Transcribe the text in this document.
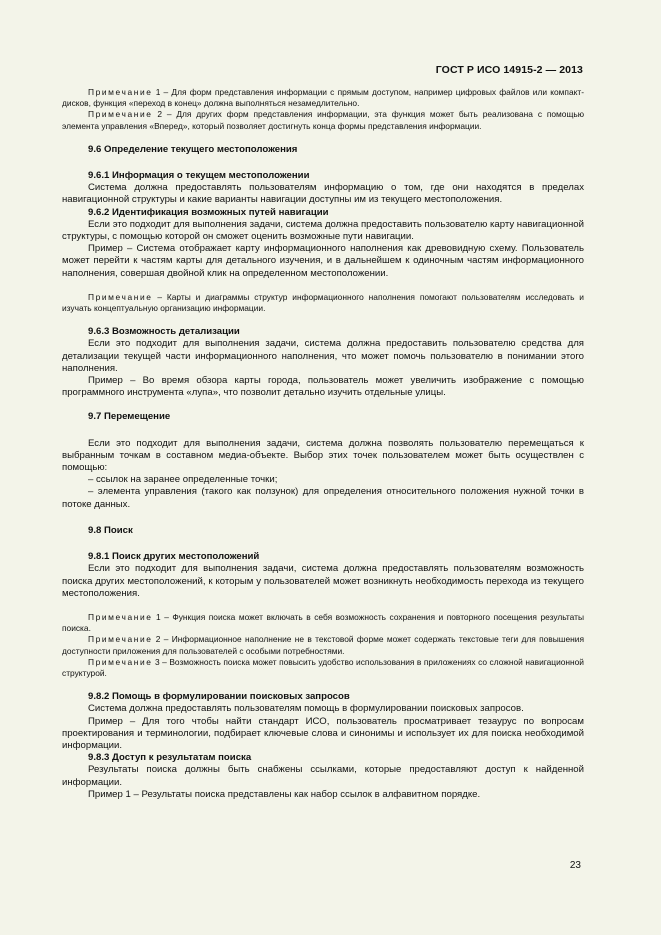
ГОСТ Р ИСО 14915-2 — 2013

Примечание 1 – Для форм представления информации с прямым доступом, например цифровых файлов или компакт-дисков, функция «переход в конец» должна выполняться незамедлительно.

Примечание 2 – Для других форм представления информации, эта функция может быть реализована с помощью элемента управления «Вперед», который позволяет достигнуть конца формы представления информации.

9.6 Определение текущего местоположения

9.6.1 Информация о текущем местоположении

Система должна предоставлять пользователям информацию о том, где они находятся в пределах навигационной структуры и какие варианты навигации доступны им из текущего местоположения.

9.6.2 Идентификация возможных путей навигации

Если это подходит для выполнения задачи, система должна предоставить пользователю карту навигационной структуры, с помощью которой он сможет оценить возможные пути навигации.

Пример – Система отображает карту информационного наполнения как древовидную схему. Пользователь может перейти к частям карты для детального изучения, и в дальнейшем к одиночным частям информационного наполнения, совершая двойной клик на определенном местоположении.

Примечание – Карты и диаграммы структур информационного наполнения помогают пользователям исследовать и изучать концептуальную организацию информации.

9.6.3 Возможность детализации

Если это подходит для выполнения задачи, система должна предоставить пользователю средства для детализации текущей части информационного наполнения, что может помочь пользователю в понимании этого наполнения.

Пример – Во время обзора карты города, пользователь может увеличить изображение с помощью программного инструмента «лупа», что позволит детально изучить отдельные улицы.

9.7 Перемещение

Если это подходит для выполнения задачи, система должна позволять пользователю перемещаться к выбранным точкам в составном медиа-объекте. Выбор этих точек пользователем может быть осуществлен с помощью:

– ссылок на заранее определенные точки;

– элемента управления (такого как ползунок) для определения относительного положения нужной точки в потоке данных.

9.8 Поиск

9.8.1 Поиск других местоположений

Если это подходит для выполнения задачи, система должна предоставлять пользователям возможность поиска других местоположений, к которым у пользователей может возникнуть необходимость перехода из текущего местоположения.

Примечание 1 – Функция поиска может включать в себя возможность сохранения и повторного посещения результаты поиска.

Примечание 2 – Информационное наполнение не в текстовой форме может содержать текстовые теги для повышения доступности приложения для пользователей с особыми потребностями.

Примечание 3 – Возможность поиска может повысить удобство использования в приложениях со сложной навигационной структурой.

9.8.2 Помощь в формулировании поисковых запросов

Система должна предоставлять пользователям помощь в формулировании поисковых запросов.

Пример – Для того чтобы найти стандарт ИСО, пользователь просматривает тезаурус по вопросам проектирования и терминологии, подбирает ключевые слова и синонимы и использует их для поиска необходимой информации.

9.8.3 Доступ к результатам поиска

Результаты поиска должны быть снабжены ссылками, которые предоставляют доступ к найденной информации.

Пример 1 – Результаты поиска представлены как набор ссылок в алфавитном порядке.

23
